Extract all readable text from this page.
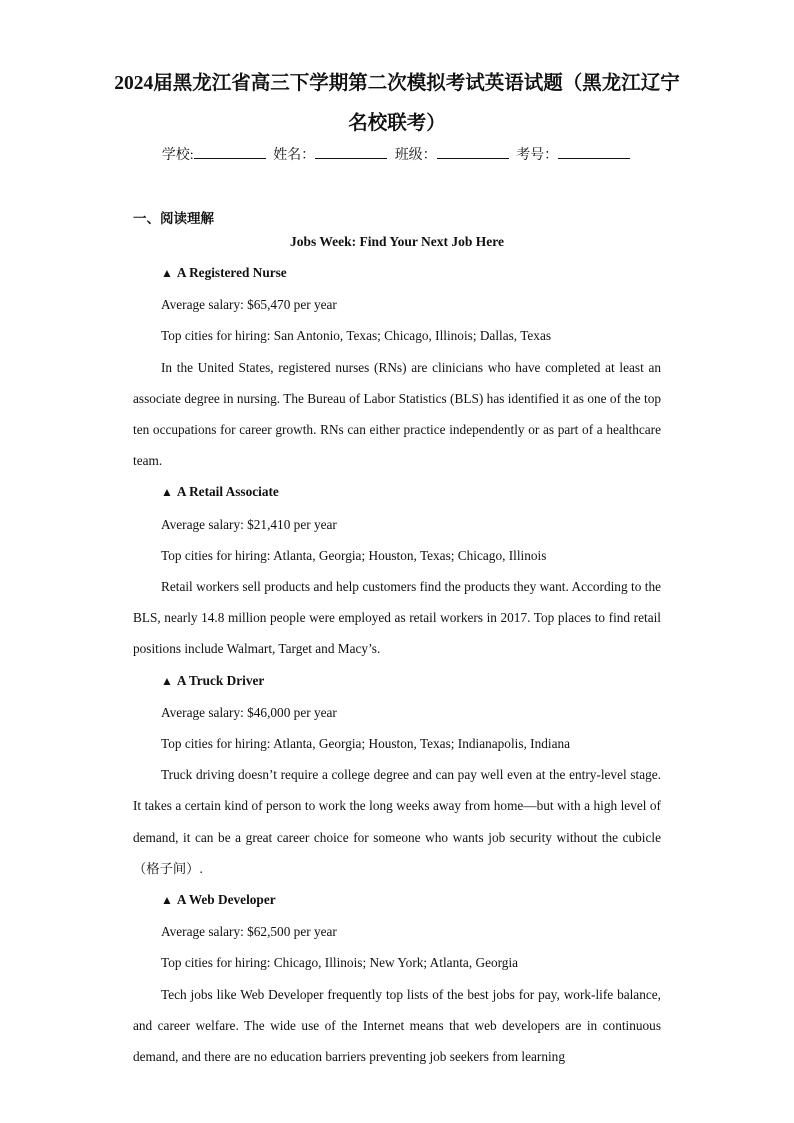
2024届黑龙江省高三下学期第二次模拟考试英语试题（黑龙江辽宁名校联考）
学校:	姓名：	班级：	考号：
一、阅读理解
Jobs Week: Find Your Next Job Here

▲ A Registered Nurse

Average salary: $65,470 per year

Top cities for hiring: San Antonio, Texas; Chicago, Illinois; Dallas, Texas

In the United States, registered nurses (RNs) are clinicians who have completed at least an associate degree in nursing. The Bureau of Labor Statistics (BLS) has identified it as one of the top ten occupations for career growth. RNs can either practice independently or as part of a healthcare team.

▲ A Retail Associate

Average salary: $21,410 per year

Top cities for hiring: Atlanta, Georgia; Houston, Texas; Chicago, Illinois

Retail workers sell products and help customers find the products they want. According to the BLS, nearly 14.8 million people were employed as retail workers in 2017. Top places to find retail positions include Walmart, Target and Macy’s.

▲ A Truck Driver

Average salary: $46,000 per year

Top cities for hiring: Atlanta, Georgia; Houston, Texas; Indianapolis, Indiana

Truck driving doesn’t require a college degree and can pay well even at the entry-level stage. It takes a certain kind of person to work the long weeks away from home—but with a high level of demand, it can be a great career choice for someone who wants job security without the cubicle （格子间）.

▲ A Web Developer

Average salary: $62,500 per year

Top cities for hiring: Chicago, Illinois; New York; Atlanta, Georgia

Tech jobs like Web Developer frequently top lists of the best jobs for pay, work-life balance, and career welfare. The wide use of the Internet means that web developers are in continuous demand, and there are no education barriers preventing job seekers from learning
